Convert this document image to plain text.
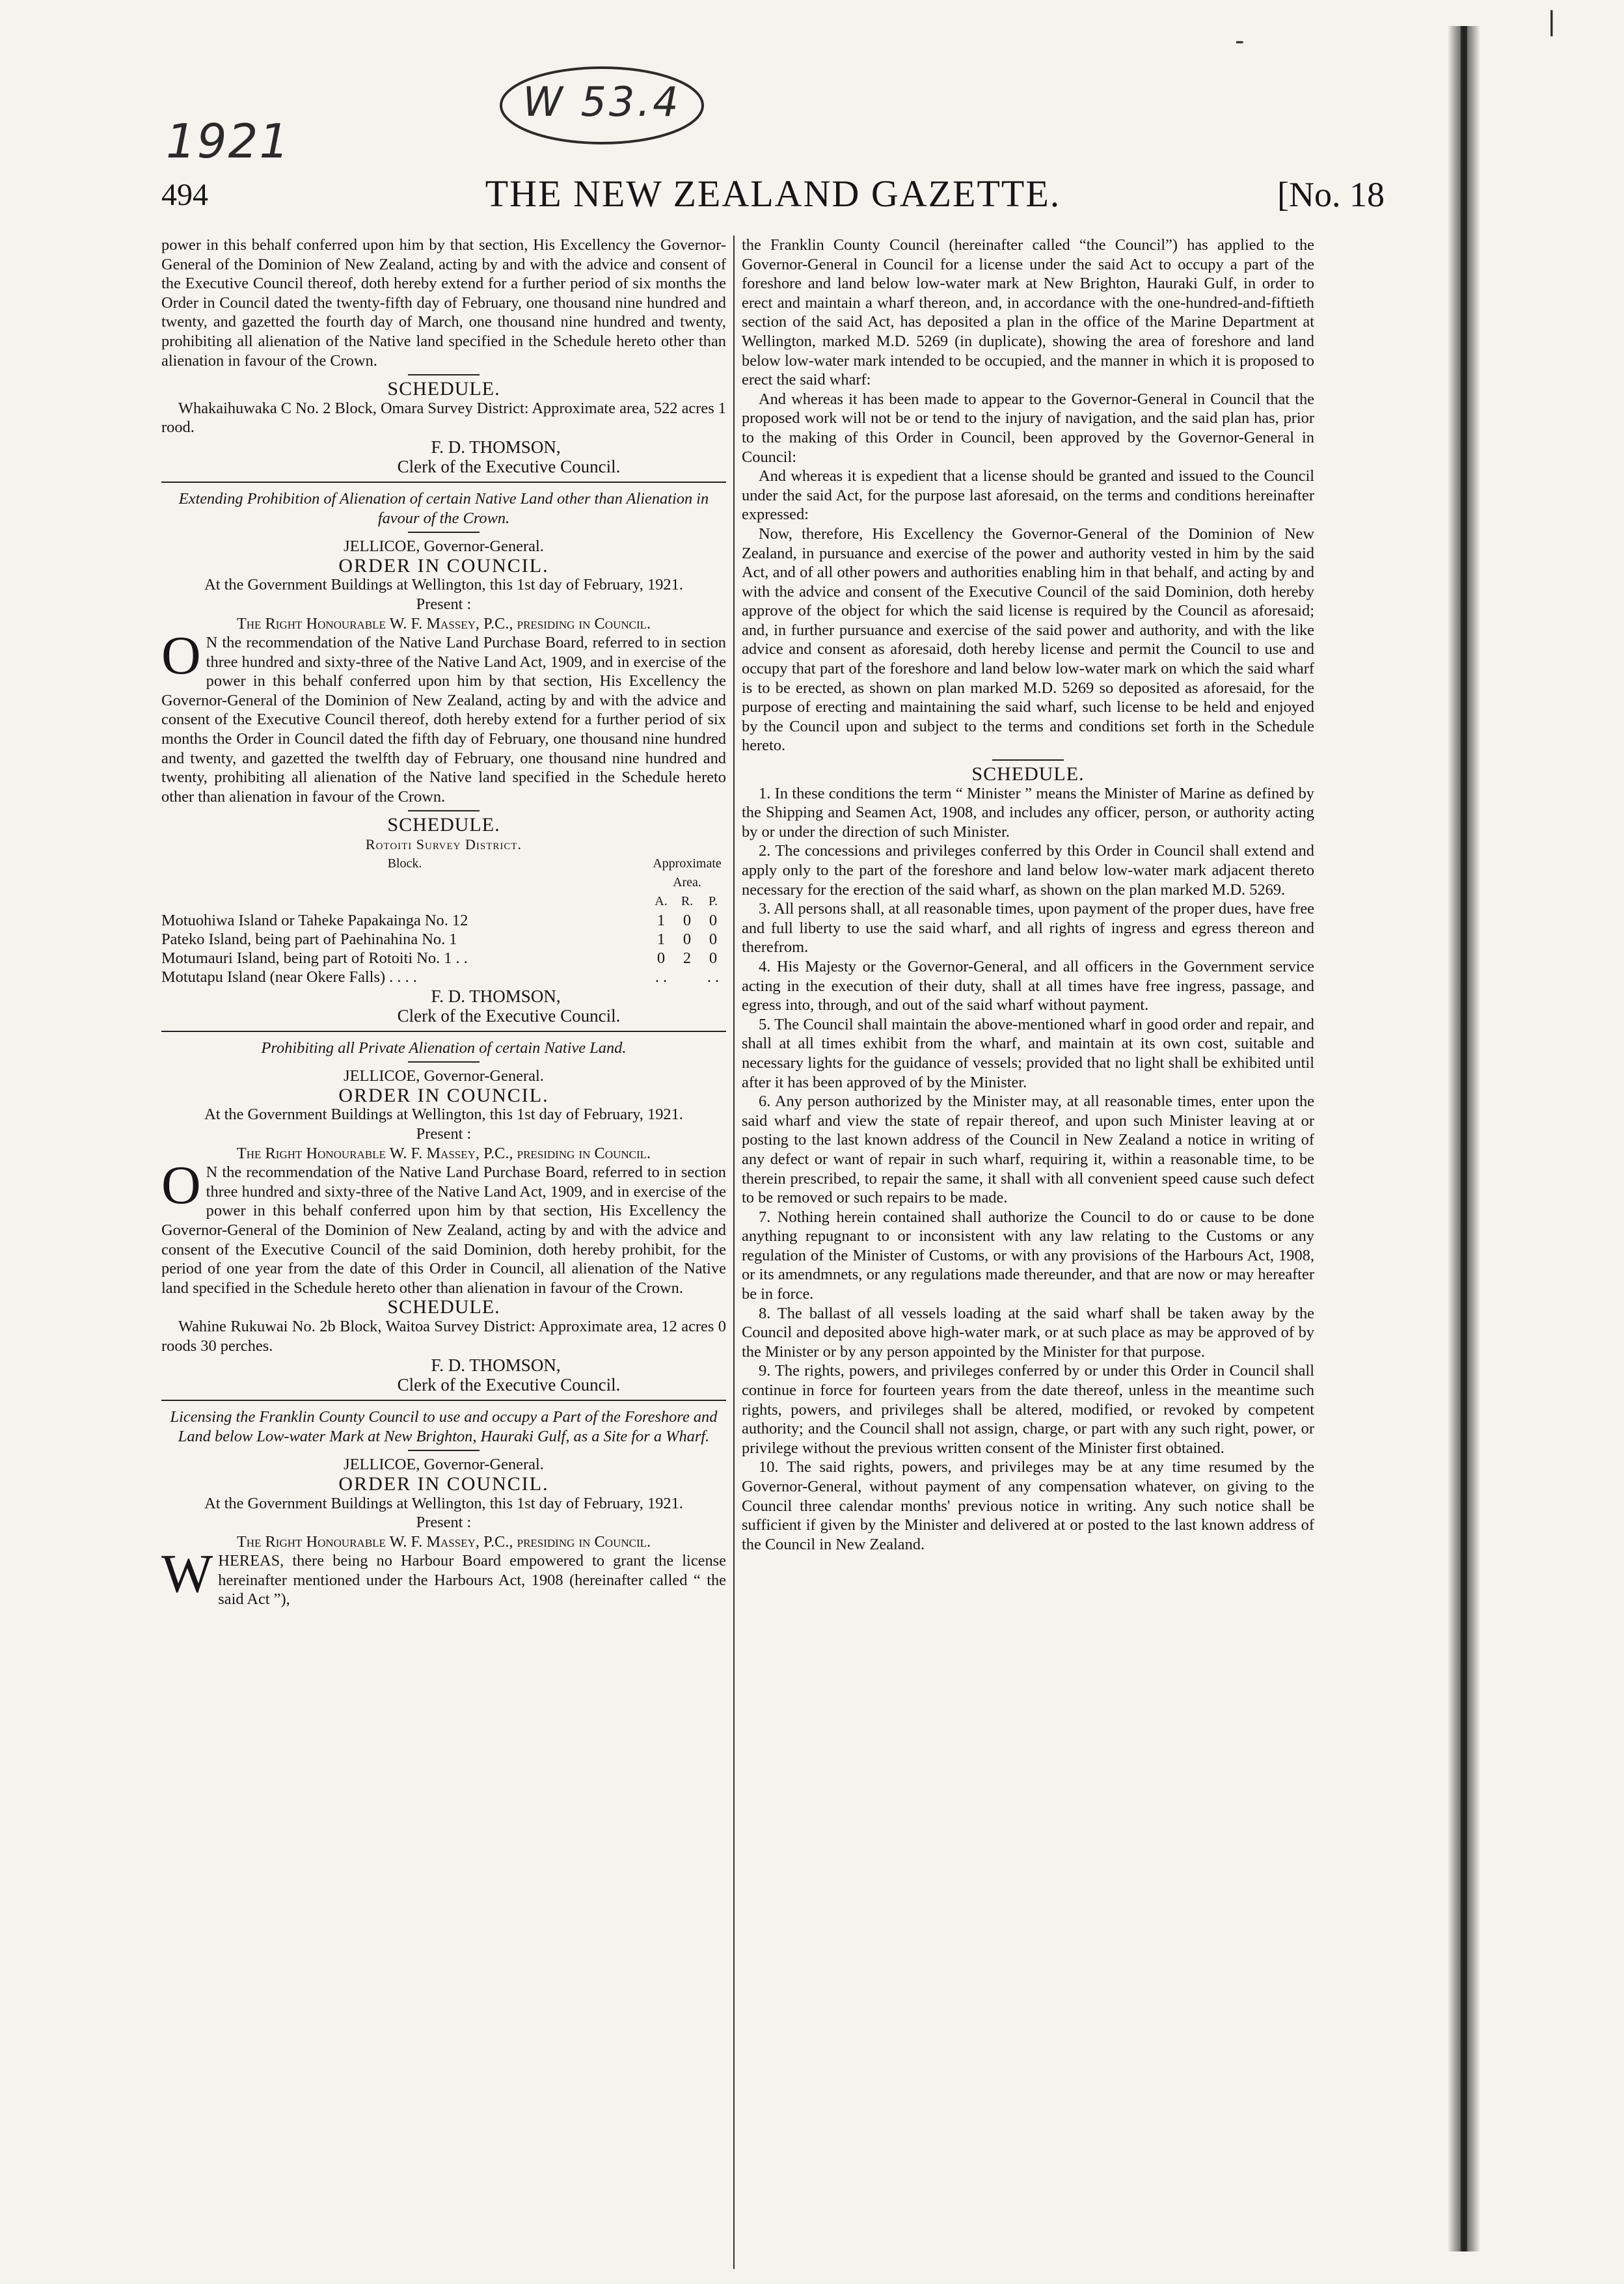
W 53.4
1921
-
|
THE NEW ZEALAND GAZETTE.
494	[No. 18

power in this behalf conferred upon him by that section, His Excellency the Governor-General of the Dominion of New Zealand, acting by and with the advice and consent of the Executive Council thereof, doth hereby extend for a further period of six months the Order in Council dated the twenty-fifth day of February, one thousand nine hundred and twenty, and gazetted the fourth day of March, one thousand nine hundred and twenty, prohibiting all alienation of the Native land specified in the Schedule hereto other than alienation in favour of the Crown.

SCHEDULE.

Whakaihuwaka C No. 2 Block, Omara Survey District: Approximate area, 522 acres 1 rood.

F. D. THOMSON,
Clerk of the Executive Council.

Extending Prohibition of Alienation of certain Native Land other than Alienation in favour of the Crown.

JELLICOE, Governor-General.

ORDER IN COUNCIL.

At the Government Buildings at Wellington, this 1st day of February, 1921.

Present :

The Right Honourable W. F. Massey, P.C., presiding in Council.

O N the recommendation of the Native Land Purchase Board, referred to in section three hundred and sixty-three of the Native Land Act, 1909, and in exercise of the power in this behalf conferred upon him by that section, His Excellency the Governor-General of the Dominion of New Zealand, acting by and with the advice and consent of the Executive Council thereof, doth hereby extend for a further period of six months the Order in Council dated the fifth day of February, one thousand nine hundred and twenty, and gazetted the twelfth day of February, one thousand nine hundred and twenty, prohibiting all alienation of the Native land specified in the Schedule hereto other than alienation in favour of the Crown.

SCHEDULE.

Rotoiti Survey District.

Block.	Approximate Area.		
	A.	R.	P.
Motuohiwa Island or Taheke Papakainga No. 12	1	0	0
Pateko Island, being part of Paehinahina No. 1	1	0	0
Motumauri Island, being part of Rotoiti No. 1 . .	0	2	0
Motutapu Island (near Okere Falls) . . . .	. .		. .
F. D. THOMSON,
Clerk of the Executive Council.

Prohibiting all Private Alienation of certain Native Land.

JELLICOE, Governor-General.

ORDER IN COUNCIL.

At the Government Buildings at Wellington, this 1st day of February, 1921.

Present :

The Right Honourable W. F. Massey, P.C., presiding in Council.

O N the recommendation of the Native Land Purchase Board, referred to in section three hundred and sixty-three of the Native Land Act, 1909, and in exercise of the power in this behalf conferred upon him by that section, His Excellency the Governor-General of the Dominion of New Zealand, acting by and with the advice and consent of the Executive Council of the said Dominion, doth hereby prohibit, for the period of one year from the date of this Order in Council, all alienation of the Native land specified in the Schedule hereto other than alienation in favour of the Crown.

SCHEDULE.

Wahine Rukuwai No. 2b Block, Waitoa Survey District: Approximate area, 12 acres 0 roods 30 perches.

F. D. THOMSON,
Clerk of the Executive Council.

Licensing the Franklin County Council to use and occupy a Part of the Foreshore and Land below Low-water Mark at New Brighton, Hauraki Gulf, as a Site for a Wharf.

JELLICOE, Governor-General.

ORDER IN COUNCIL.

At the Government Buildings at Wellington, this 1st day of February, 1921.

Present :

The Right Honourable W. F. Massey, P.C., presiding in Council.

W HEREAS, there being no Harbour Board empowered to grant the license hereinafter mentioned under the Harbours Act, 1908 (hereinafter called “ the said Act ”),

the Franklin County Council (hereinafter called “the Council”) has applied to the Governor-General in Council for a license under the said Act to occupy a part of the foreshore and land below low-water mark at New Brighton, Hauraki Gulf, in order to erect and maintain a wharf thereon, and, in accordance with the one-hundred-and-fiftieth section of the said Act, has deposited a plan in the office of the Marine Department at Wellington, marked M.D. 5269 (in duplicate), showing the area of foreshore and land below low-water mark intended to be occupied, and the manner in which it is proposed to erect the said wharf:

And whereas it has been made to appear to the Governor-General in Council that the proposed work will not be or tend to the injury of navigation, and the said plan has, prior to the making of this Order in Council, been approved by the Governor-General in Council:

And whereas it is expedient that a license should be granted and issued to the Council under the said Act, for the purpose last aforesaid, on the terms and conditions hereinafter expressed:

Now, therefore, His Excellency the Governor-General of the Dominion of New Zealand, in pursuance and exercise of the power and authority vested in him by the said Act, and of all other powers and authorities enabling him in that behalf, and acting by and with the advice and consent of the Executive Council of the said Dominion, doth hereby approve of the object for which the said license is required by the Council as aforesaid; and, in further pursuance and exercise of the said power and authority, and with the like advice and consent as aforesaid, doth hereby license and permit the Council to use and occupy that part of the foreshore and land below low-water mark on which the said wharf is to be erected, as shown on plan marked M.D. 5269 so deposited as aforesaid, for the purpose of erecting and maintaining the said wharf, such license to be held and enjoyed by the Council upon and subject to the terms and conditions set forth in the Schedule hereto.

SCHEDULE.

1. In these conditions the term “ Minister ” means the Minister of Marine as defined by the Shipping and Seamen Act, 1908, and includes any officer, person, or authority acting by or under the direction of such Minister.

2. The concessions and privileges conferred by this Order in Council shall extend and apply only to the part of the foreshore and land below low-water mark adjacent thereto necessary for the erection of the said wharf, as shown on the plan marked M.D. 5269.

3. All persons shall, at all reasonable times, upon payment of the proper dues, have free and full liberty to use the said wharf, and all rights of ingress and egress thereon and therefrom.

4. His Majesty or the Governor-General, and all officers in the Government service acting in the execution of their duty, shall at all times have free ingress, passage, and egress into, through, and out of the said wharf without payment.

5. The Council shall maintain the above-mentioned wharf in good order and repair, and shall at all times exhibit from the wharf, and maintain at its own cost, suitable and necessary lights for the guidance of vessels; provided that no light shall be exhibited until after it has been approved of by the Minister.

6. Any person authorized by the Minister may, at all reasonable times, enter upon the said wharf and view the state of repair thereof, and upon such Minister leaving at or posting to the last known address of the Council in New Zealand a notice in writing of any defect or want of repair in such wharf, requiring it, within a reasonable time, to be therein prescribed, to repair the same, it shall with all convenient speed cause such defect to be removed or such repairs to be made.

7. Nothing herein contained shall authorize the Council to do or cause to be done anything repugnant to or inconsistent with any law relating to the Customs or any regulation of the Minister of Customs, or with any provisions of the Harbours Act, 1908, or its amendmnets, or any regulations made thereunder, and that are now or may hereafter be in force.

8. The ballast of all vessels loading at the said wharf shall be taken away by the Council and deposited above high-water mark, or at such place as may be approved of by the Minister or by any person appointed by the Minister for that purpose.

9. The rights, powers, and privileges conferred by or under this Order in Council shall continue in force for fourteen years from the date thereof, unless in the meantime such rights, powers, and privileges shall be altered, modified, or revoked by competent authority; and the Council shall not assign, charge, or part with any such right, power, or privilege without the previous written consent of the Minister first obtained.

10. The said rights, powers, and privileges may be at any time resumed by the Governor-General, without payment of any compensation whatever, on giving to the Council three calendar months' previous notice in writing. Any such notice shall be sufficient if given by the Minister and delivered at or posted to the last known address of the Council in New Zealand.
